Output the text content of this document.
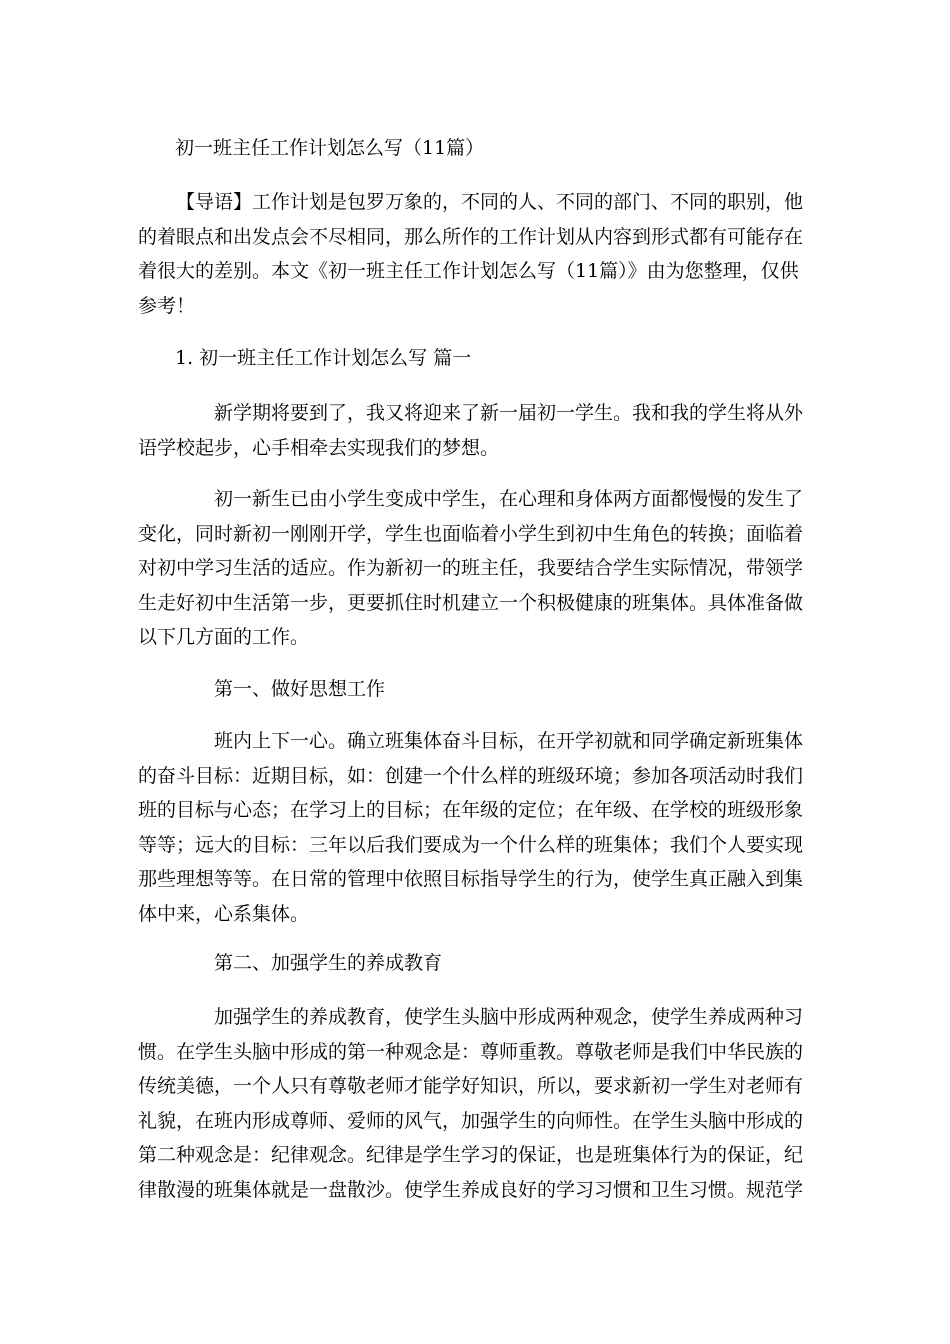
初一班主任工作计划怎么写（11篇）
【导语】工作计划是包罗万象的，不同的人、不同的部门、不同的职别，他
的着眼点和出发点会不尽相同，那么所作的工作计划从内容到形式都有可能存在
着很大的差别。本文《初一班主任工作计划怎么写（11篇）》由为您整理，仅供
参考！
1. 初一班主任工作计划怎么写 篇一
新学期将要到了，我又将迎来了新一届初一学生。我和我的学生将从外
语学校起步，心手相牵去实现我们的梦想。
初一新生已由小学生变成中学生，在心理和身体两方面都慢慢的发生了
变化，同时新初一刚刚开学，学生也面临着小学生到初中生角色的转换；面临着
对初中学习生活的适应。作为新初一的班主任，我要结合学生实际情况，带领学
生走好初中生活第一步，更要抓住时机建立一个积极健康的班集体。具体准备做
以下几方面的工作。
第一、做好思想工作
班内上下一心。确立班集体奋斗目标，在开学初就和同学确定新班集体
的奋斗目标：近期目标，如：创建一个什么样的班级环境；参加各项活动时我们
班的目标与心态；在学习上的目标；在年级的定位；在年级、在学校的班级形象
等等；远大的目标：三年以后我们要成为一个什么样的班集体；我们个人要实现
那些理想等等。在日常的管理中依照目标指导学生的行为，使学生真正融入到集
体中来，心系集体。
第二、加强学生的养成教育
加强学生的养成教育，使学生头脑中形成两种观念，使学生养成两种习
惯。在学生头脑中形成的第一种观念是：尊师重教。尊敬老师是我们中华民族的
传统美德，一个人只有尊敬老师才能学好知识，所以，要求新初一学生对老师有
礼貌，在班内形成尊师、爱师的风气，加强学生的向师性。在学生头脑中形成的
第二种观念是：纪律观念。纪律是学生学习的保证，也是班集体行为的保证，纪
律散漫的班集体就是一盘散沙。使学生养成良好的学习习惯和卫生习惯。规范学
